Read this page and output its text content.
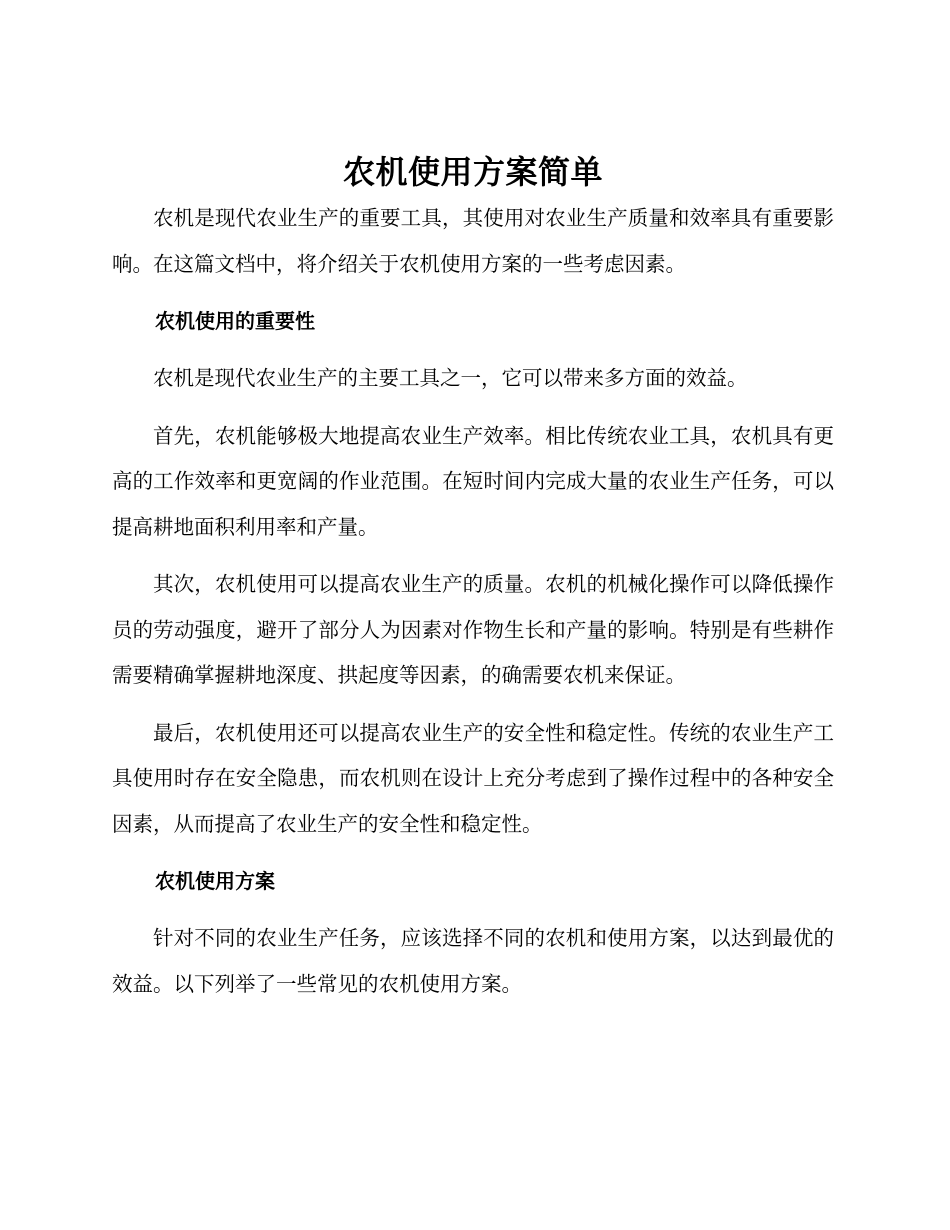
农机使用方案简单

农机是现代农业生产的重要工具，其使用对农业生产质量和效率具有重要影响。在这篇文档中，将介绍关于农机使用方案的一些考虑因素。

农机使用的重要性

农机是现代农业生产的主要工具之一，它可以带来多方面的效益。

首先，农机能够极大地提高农业生产效率。相比传统农业工具，农机具有更高的工作效率和更宽阔的作业范围。在短时间内完成大量的农业生产任务，可以提高耕地面积利用率和产量。

其次，农机使用可以提高农业生产的质量。农机的机械化操作可以降低操作员的劳动强度，避开了部分人为因素对作物生长和产量的影响。特别是有些耕作需要精确掌握耕地深度、拱起度等因素，的确需要农机来保证。

最后，农机使用还可以提高农业生产的安全性和稳定性。传统的农业生产工具使用时存在安全隐患，而农机则在设计上充分考虑到了操作过程中的各种安全因素，从而提高了农业生产的安全性和稳定性。

农机使用方案

针对不同的农业生产任务，应该选择不同的农机和使用方案，以达到最优的效益。以下列举了一些常见的农机使用方案。
